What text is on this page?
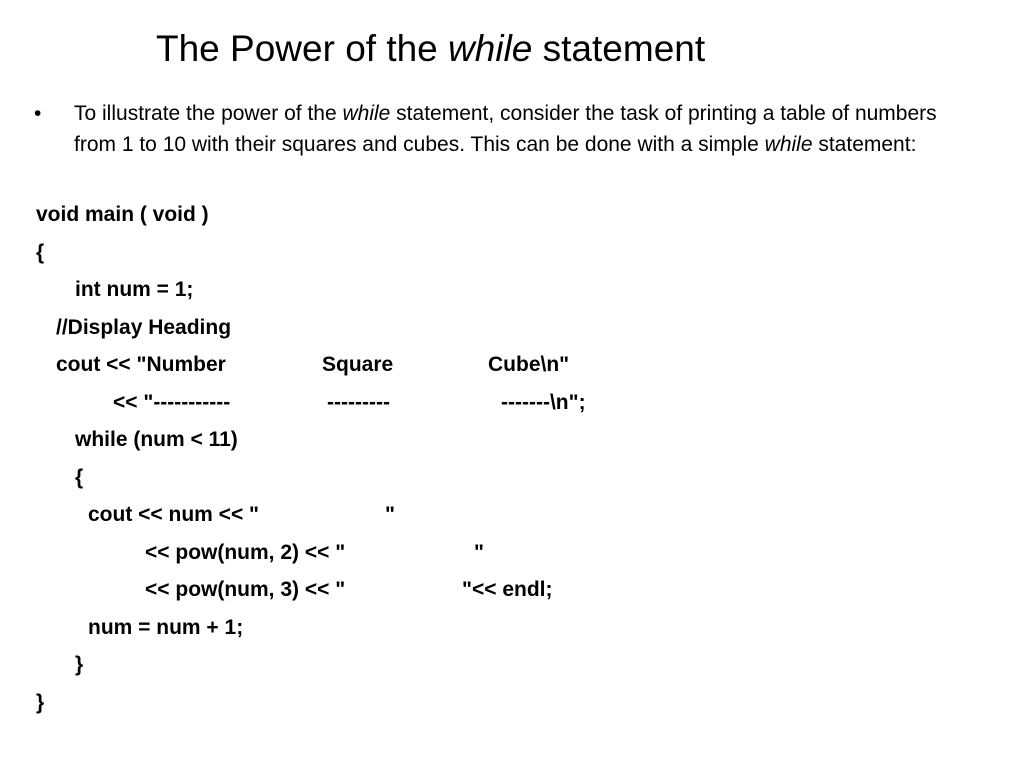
The Power of the while statement
• To illustrate the power of the while statement, consider the task of printing a table of numbers from 1 to 10 with their squares and cubes. This can be done with a simple while statement:
void main ( void )
{
int num = 1;
//Display Heading

cout << "Number

	Square

	Cube\n"

<< "-----------

	---------

	-------\n";

while (num < 11)
{

cout << num << "

	"

<< pow(num, 2) << "

	"

<< pow(num, 3) << "

	"<< endl;

num = num + 1;
}
}
